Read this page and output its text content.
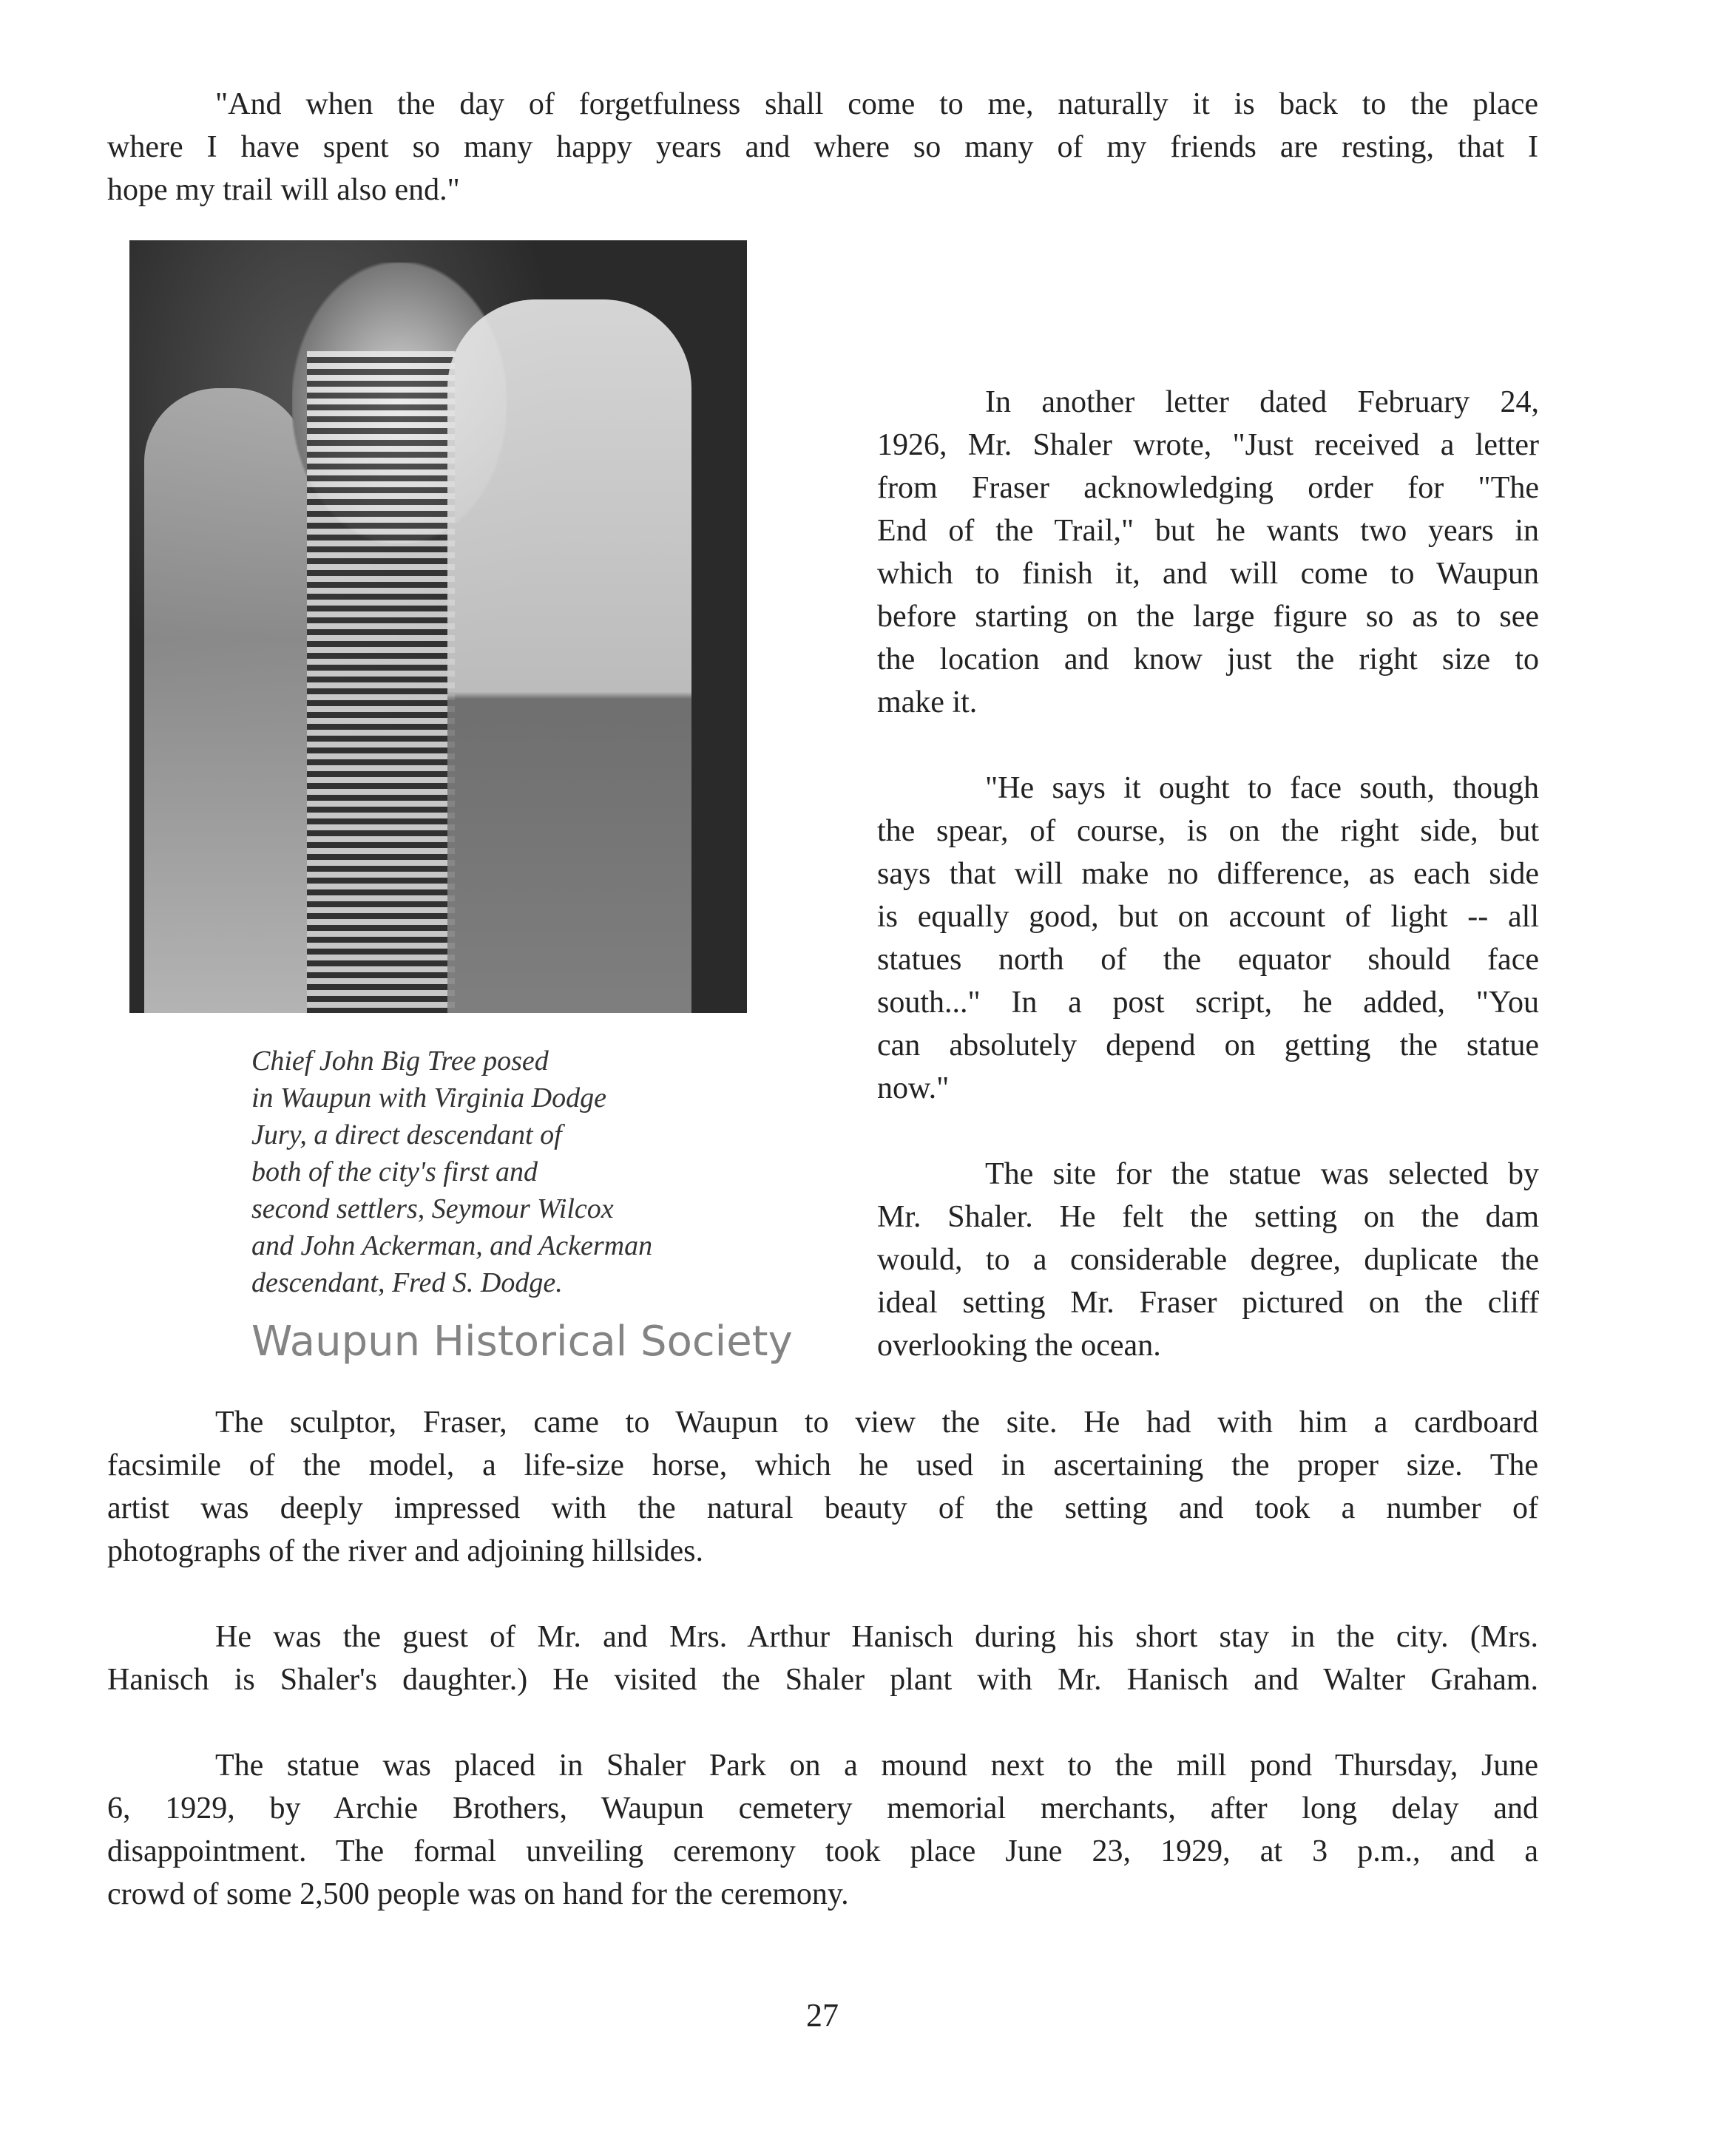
"And when the day of forgetfulness shall come to me, naturally it is back to the place
where I have spent so many happy years and where so many of my friends are resting, that I
hope my trail will also end."
Chief John Big Tree posed
in Waupun with Virginia Dodge
Jury, a direct descendant of
both of the city's first and
second settlers, Seymour Wilcox
and John Ackerman, and Ackerman
descendant, Fred S. Dodge.
Waupun Historical Society
In another letter dated February 24,
1926, Mr. Shaler wrote, "Just received a letter
from Fraser acknowledging order for "The
End of the Trail," but he wants two years in
which to finish it, and will come to Waupun
before starting on the large figure so as to see
the location and know just the right size to
make it.
"He says it ought to face south, though
the spear, of course, is on the right side, but
says that will make no difference, as each side
is equally good, but on account of light -- all
statues north of the equator should face
south..." In a post script, he added, "You
can absolutely depend on getting the statue
now."
The site for the statue was selected by
Mr. Shaler. He felt the setting on the dam
would, to a considerable degree, duplicate the
ideal setting Mr. Fraser pictured on the cliff
overlooking the ocean.
The sculptor, Fraser, came to Waupun to view the site. He had with him a cardboard
facsimile of the model, a life-size horse, which he used in ascertaining the proper size. The
artist was deeply impressed with the natural beauty of the setting and took a number of
photographs of the river and adjoining hillsides.
He was the guest of Mr. and Mrs. Arthur Hanisch during his short stay in the city. (Mrs.
Hanisch is Shaler's daughter.) He visited the Shaler plant with Mr. Hanisch and Walter Graham.
The statue was placed in Shaler Park on a mound next to the mill pond Thursday, June
6, 1929, by Archie Brothers, Waupun cemetery memorial merchants, after long delay and
disappointment. The formal unveiling ceremony took place June 23, 1929, at 3 p.m., and a
crowd of some 2,500 people was on hand for the ceremony.
27
